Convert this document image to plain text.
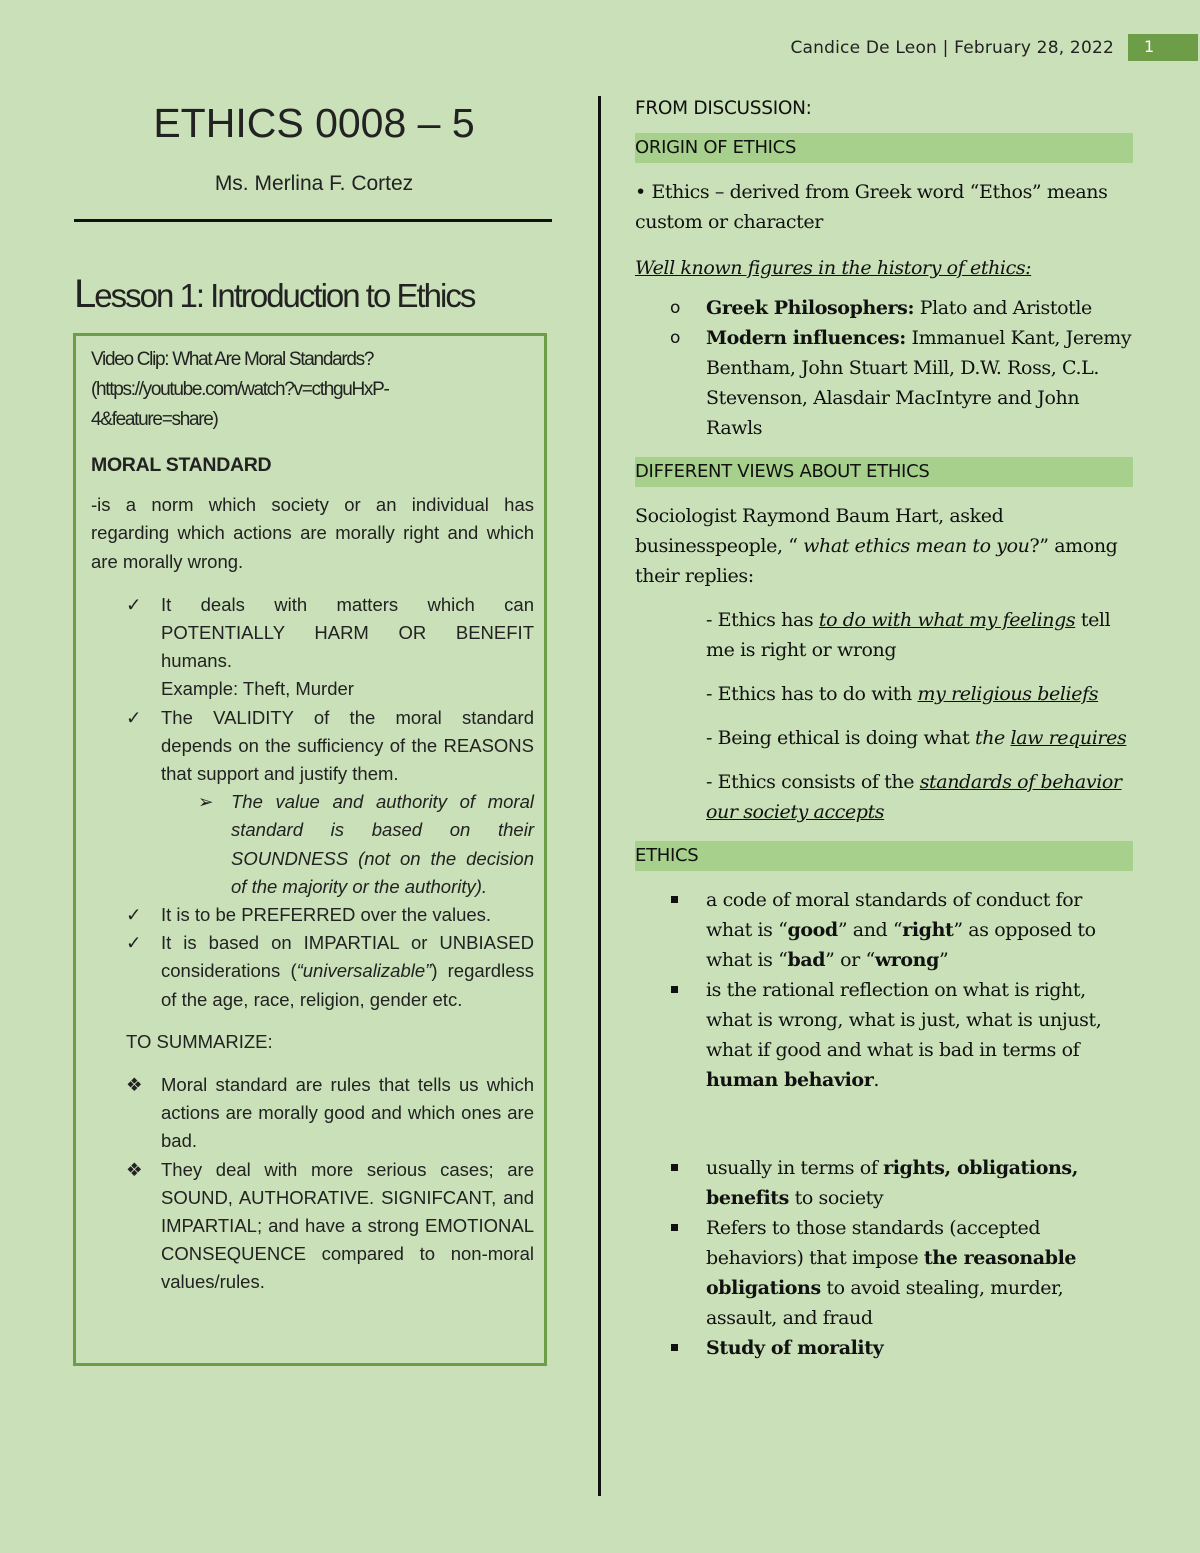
Candice De Leon | February 28, 2022	1
ETHICS 0008 – 5
Ms. Merlina F. Cortez
Lesson 1: Introduction to Ethics
Video Clip: What Are Moral Standards?
(https://youtube.com/watch?v=cthguHxP-
4&feature=share)
MORAL STANDARD
-is a norm which society or an individual has regarding which actions are morally right and which are morally wrong.
✓ It deals with matters which can POTENTIALLY HARM OR BENEFIT humans.
Example: Theft, Murder
✓ The VALIDITY of the moral standard depends on the sufficiency of the REASONS that support and justify them.
➢ The value and authority of moral standard is based on their SOUNDNESS (not on the decision of the majority or the authority).
✓ It is to be PREFERRED over the values.
✓ It is based on IMPARTIAL or UNBIASED considerations (“universalizable”) regardless of the age, race, religion, gender etc.
TO SUMMARIZE:
❖ Moral standard are rules that tells us which actions are morally good and which ones are bad.
❖ They deal with more serious cases; are SOUND, AUTHORATIVE. SIGNIFCANT, and IMPARTIAL; and have a strong EMOTIONAL CONSEQUENCE compared to non-moral values/rules.
FROM DISCUSSION:
ORIGIN OF ETHICS
• Ethics – derived from Greek word “Ethos” means custom or character
Well known figures in the history of ethics:
o Greek Philosophers: Plato and Aristotle
o Modern influences: Immanuel Kant, Jeremy Bentham, John Stuart Mill, D.W. Ross, C.L. Stevenson, Alasdair MacIntyre and John Rawls
DIFFERENT VIEWS ABOUT ETHICS
Sociologist Raymond Baum Hart, asked businesspeople, “ what ethics mean to you?” among their replies:
- Ethics has to do with what my feelings tell me is right or wrong
- Ethics has to do with my religious beliefs
- Being ethical is doing what the law requires
- Ethics consists of the standards of behavior our society accepts
ETHICS
a code of moral standards of conduct for what is “good” and “right” as opposed to what is “bad” or “wrong”
is the rational reflection on what is right, what is wrong, what is just, what is unjust, what if good and what is bad in terms of human behavior.
usually in terms of rights, obligations, benefits to society
Refers to those standards (accepted behaviors) that impose the reasonable obligations to avoid stealing, murder, assault, and fraud
Study of morality
